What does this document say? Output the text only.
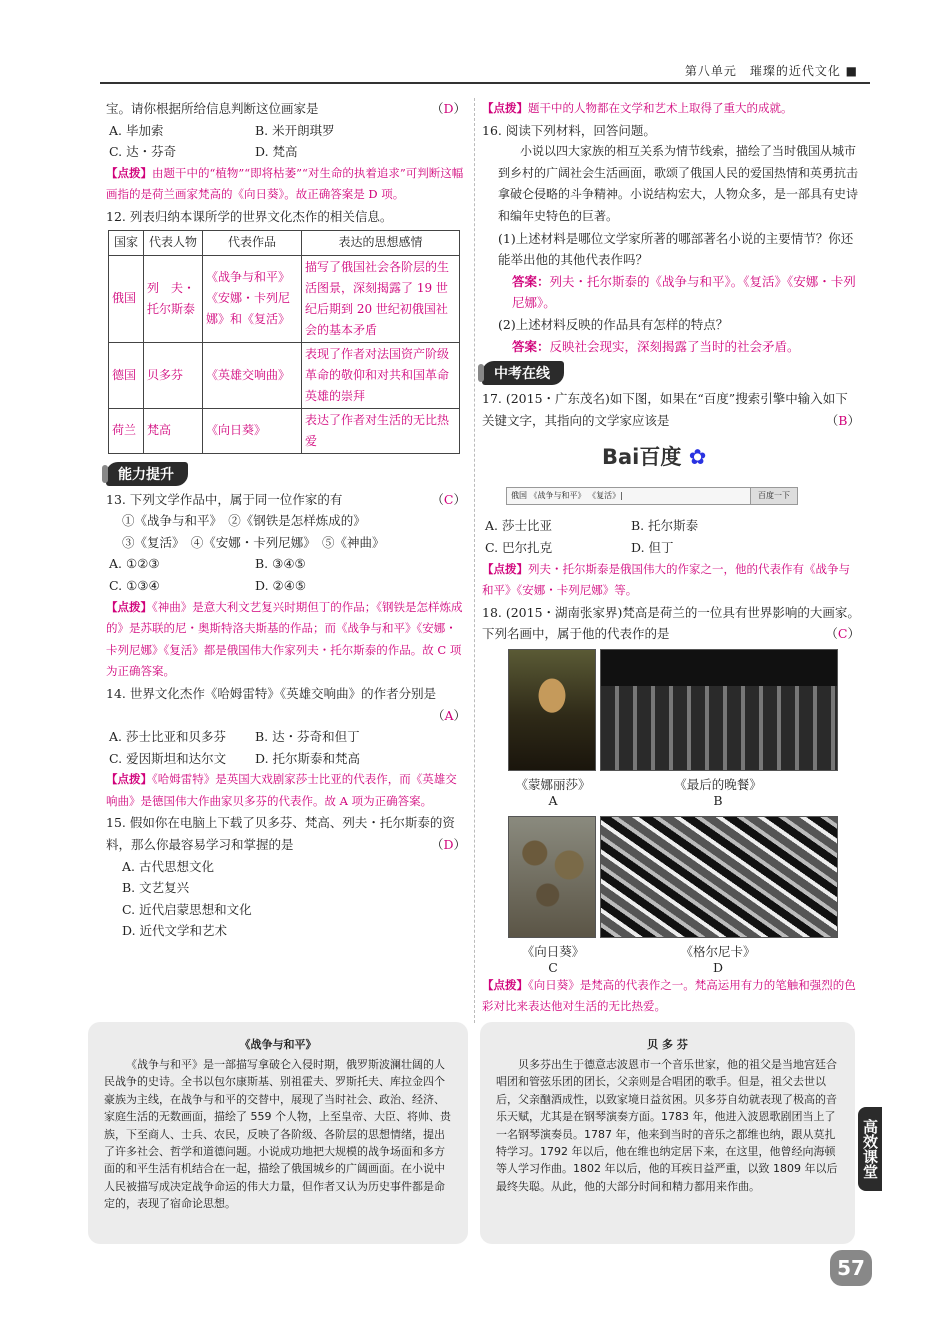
第八单元　璀璨的近代文化 ■

宝。请你根据所给信息判断这位画家是	（D）

A. 毕加索	B. 米开朗琪罗
C. 达・芬奇	D. 梵高

【点拨】由题干中的“植物”“即将枯萎”“对生命的执着追求”可判断这幅画指的是荷兰画家梵高的《向日葵》。故正确答案是 D 项。

12. 列表归纳本课所学的世界文化杰作的相关信息。

国家	代表人物	代表作品	表达的思想感情
俄国	列　夫・托尔斯泰	《战争与和平》《安娜・卡列尼娜》和《复活》	描写了俄国社会各阶层的生活图景，深刻揭露了 19 世纪后期到 20 世纪初俄国社会的基本矛盾
德国	贝多芬	《英雄交响曲》	表现了作者对法国资产阶级革命的敬仰和对共和国革命英雄的崇拜
荷兰	梵高	《向日葵》	表达了作者对生活的无比热爱
能力提升

13. 下列文学作品中，属于同一位作家的有	（C）

①《战争与和平》　②《钢铁是怎样炼成的》

③《复活》　④《安娜・卡列尼娜》　⑤《神曲》

A. ①②③	B. ③④⑤
C. ①③④	D. ②④⑤

【点拨】《神曲》是意大利文艺复兴时期但丁的作品；《钢铁是怎样炼成的》是苏联的尼・奥斯特洛夫斯基的作品；而《战争与和平》《安娜・卡列尼娜》《复活》都是俄国伟大作家列夫・托尔斯泰的作品。故 C 项为正确答案。

14. 世界文化杰作《哈姆雷特》《英雄交响曲》的作者分别是

（A）

A. 莎士比亚和贝多芬	B. 达・芬奇和但丁
C. 爱因斯坦和达尔文	D. 托尔斯泰和梵高

【点拨】《哈姆雷特》是英国大戏剧家莎士比亚的代表作，而《英雄交响曲》是德国伟大作曲家贝多芬的代表作。故 A 项为正确答案。

15. 假如你在电脑上下载了贝多芬、梵高、列夫・托尔斯泰的资料，那么你最容易学习和掌握的是	（D）

A. 古代思想文化

B. 文艺复兴

C. 近代启蒙思想和文化

D. 近代文学和艺术

【点拨】题干中的人物都在文学和艺术上取得了重大的成就。

16. 阅读下列材料，回答问题。

小说以四大家族的相互关系为情节线索，描绘了当时俄国从城市到乡村的广阔社会生活画面，歌颂了俄国人民的爱国热情和英勇抗击拿破仑侵略的斗争精神。小说结构宏大，人物众多，是一部具有史诗和编年史特色的巨著。

(1)上述材料是哪位文学家所著的哪部著名小说的主要情节？你还能举出他的其他代表作吗？

答案：列夫・托尔斯泰的《战争与和平》。《复活》《安娜・卡列尼娜》。

(2)上述材料反映的作品具有怎样的特点？

答案：反映社会现实，深刻揭露了当时的社会矛盾。

中考在线

17. (2015・广东茂名)如下图，如果在“百度”搜索引擎中输入如下关键文字，其指向的文学家应该是	（B）

Bai百度 ✿
俄国 《战争与和平》 《复活》|	百度一下
A. 莎士比亚	B. 托尔斯泰
C. 巴尔扎克	D. 但丁

【点拨】列夫・托尔斯泰是俄国伟大的作家之一，他的代表作有《战争与和平》《安娜・卡列尼娜》等。

18. (2015・湖南张家界)梵高是荷兰的一位具有世界影响的大画家。下列名画中，属于他的代表作的是	（C）

《蒙娜丽莎》
A
《最后的晚餐》
B
《向日葵》
C
《格尔尼卡》
D

【点拨】《向日葵》是梵高的代表作之一。梵高运用有力的笔触和强烈的色彩对比来表达他对生活的无比热爱。

《战争与和平》
《战争与和平》是一部描写拿破仑入侵时期，俄罗斯波澜壮阔的人民战争的史诗。全书以包尔康斯基、别祖霍夫、罗斯托夫、库拉金四个豪族为主线，在战争与和平的交替中，展现了当时社会、政治、经济、家庭生活的无数画面，描绘了 559 个人物，上至皇帝、大臣、将帅、贵族，下至商人、士兵、农民，反映了各阶级、各阶层的思想情绪，提出了许多社会、哲学和道德问题。小说成功地把大规模的战争场面和多方面的和平生活有机结合在一起，描绘了俄国城乡的广阔画面。在小说中人民被描写成决定战争命运的伟大力量，但作者又认为历史事件都是命定的，表现了宿命论思想。
贝 多 芬
贝多芬出生于德意志波恩市一个音乐世家，他的祖父是当地宫廷合唱团和管弦乐团的团长，父亲则是合唱团的歌手。但是，祖父去世以后，父亲酗酒成性，以致家境日益贫困。贝多芬自幼就表现了极高的音乐天赋，尤其是在钢琴演奏方面。1783 年，他进入波恩歌剧团当上了一名钢琴演奏员。1787 年，他来到当时的音乐之都维也纳，跟从莫扎特学习。1792 年以后，他在维也纳定居下来，在这里，他曾经向海顿等人学习作曲。1802 年以后，他的耳疾日益严重，以致 1809 年以后最终失聪。从此，他的大部分时间和精力都用来作曲。
高效课堂
57
